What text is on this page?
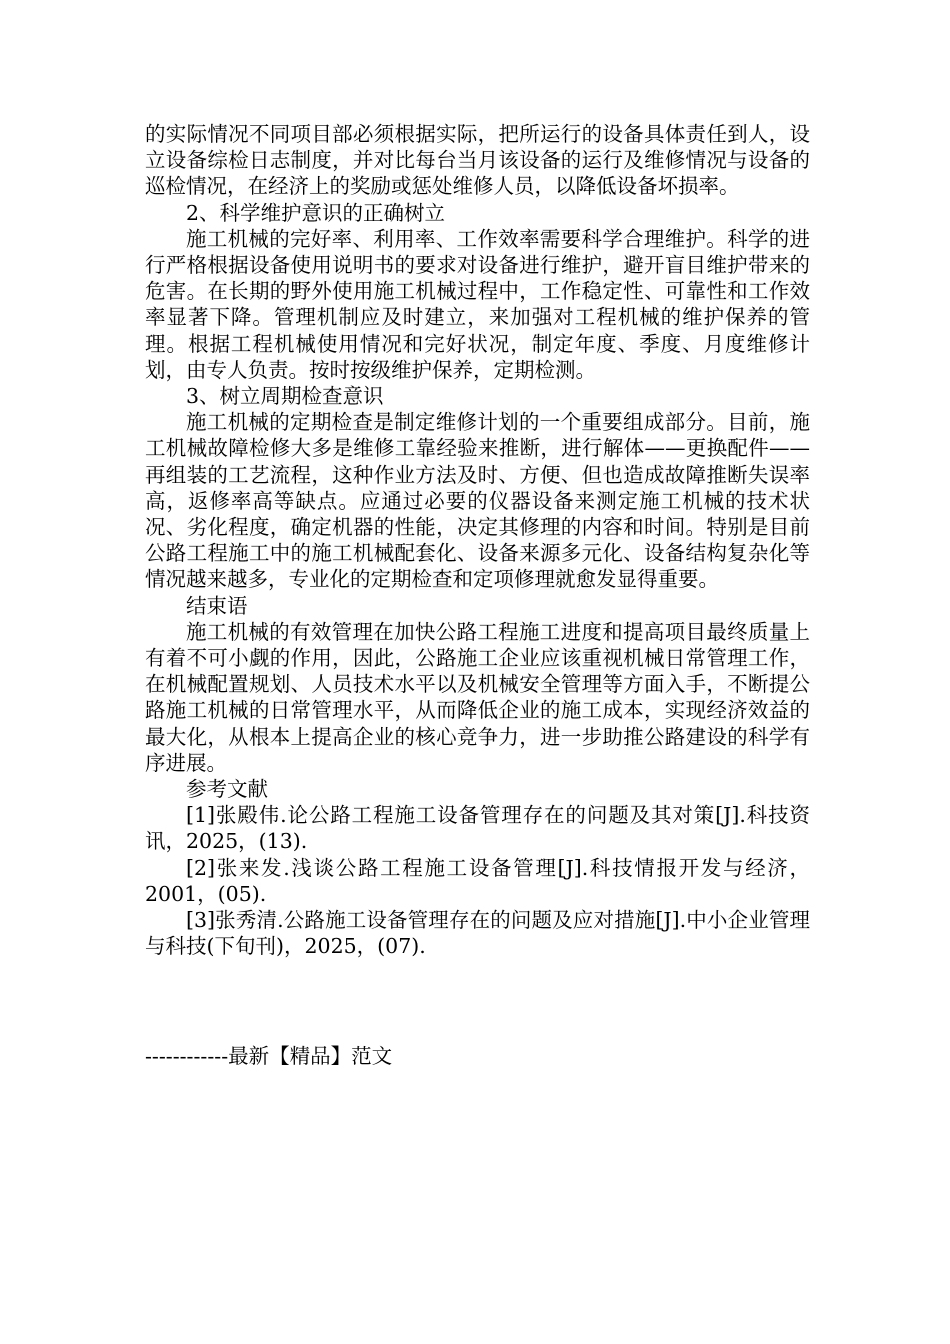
的实际情况不同项目部必须根据实际，把所运行的设备具体责任到人，设立设备综检日志制度，并对比每台当月该设备的运行及维修情况与设备的巡检情况，在经济上的奖励或惩处维修人员，以降低设备坏损率。

2、科学维护意识的正确树立

施工机械的完好率、利用率、工作效率需要科学合理维护。科学的进行严格根据设备使用说明书的要求对设备进行维护，避开盲目维护带来的危害。在长期的野外使用施工机械过程中，工作稳定性、可靠性和工作效率显著下降。管理机制应及时建立，来加强对工程机械的维护保养的管理。根据工程机械使用情况和完好状况，制定年度、季度、月度维修计划，由专人负责。按时按级维护保养，定期检测。

3、树立周期检查意识

施工机械的定期检查是制定维修计划的一个重要组成部分。目前，施工机械故障检修大多是维修工靠经验来推断，进行解体——更换配件——再组装的工艺流程，这种作业方法及时、方便、但也造成故障推断失误率高，返修率高等缺点。应通过必要的仪器设备来测定施工机械的技术状况、劣化程度，确定机器的性能，决定其修理的内容和时间。特别是目前公路工程施工中的施工机械配套化、设备来源多元化、设备结构复杂化等情况越来越多，专业化的定期检查和定项修理就愈发显得重要。

结束语

施工机械的有效管理在加快公路工程施工进度和提高项目最终质量上有着不可小觑的作用，因此，公路施工企业应该重视机械日常管理工作，在机械配置规划、人员技术水平以及机械安全管理等方面入手，不断提公路施工机械的日常管理水平，从而降低企业的施工成本，实现经济效益的最大化，从根本上提高企业的核心竞争力，进一步助推公路建设的科学有序进展。

参考文献

[1]张殿伟.论公路工程施工设备管理存在的问题及其对策[J].科技资讯，2025，(13).

[2]张来发.浅谈公路工程施工设备管理[J].科技情报开发与经济，2001，(05).

[3]张秀清.公路施工设备管理存在的问题及应对措施[J].中小企业管理与科技(下旬刊)，2025，(07).

------------最新【精品】范文
